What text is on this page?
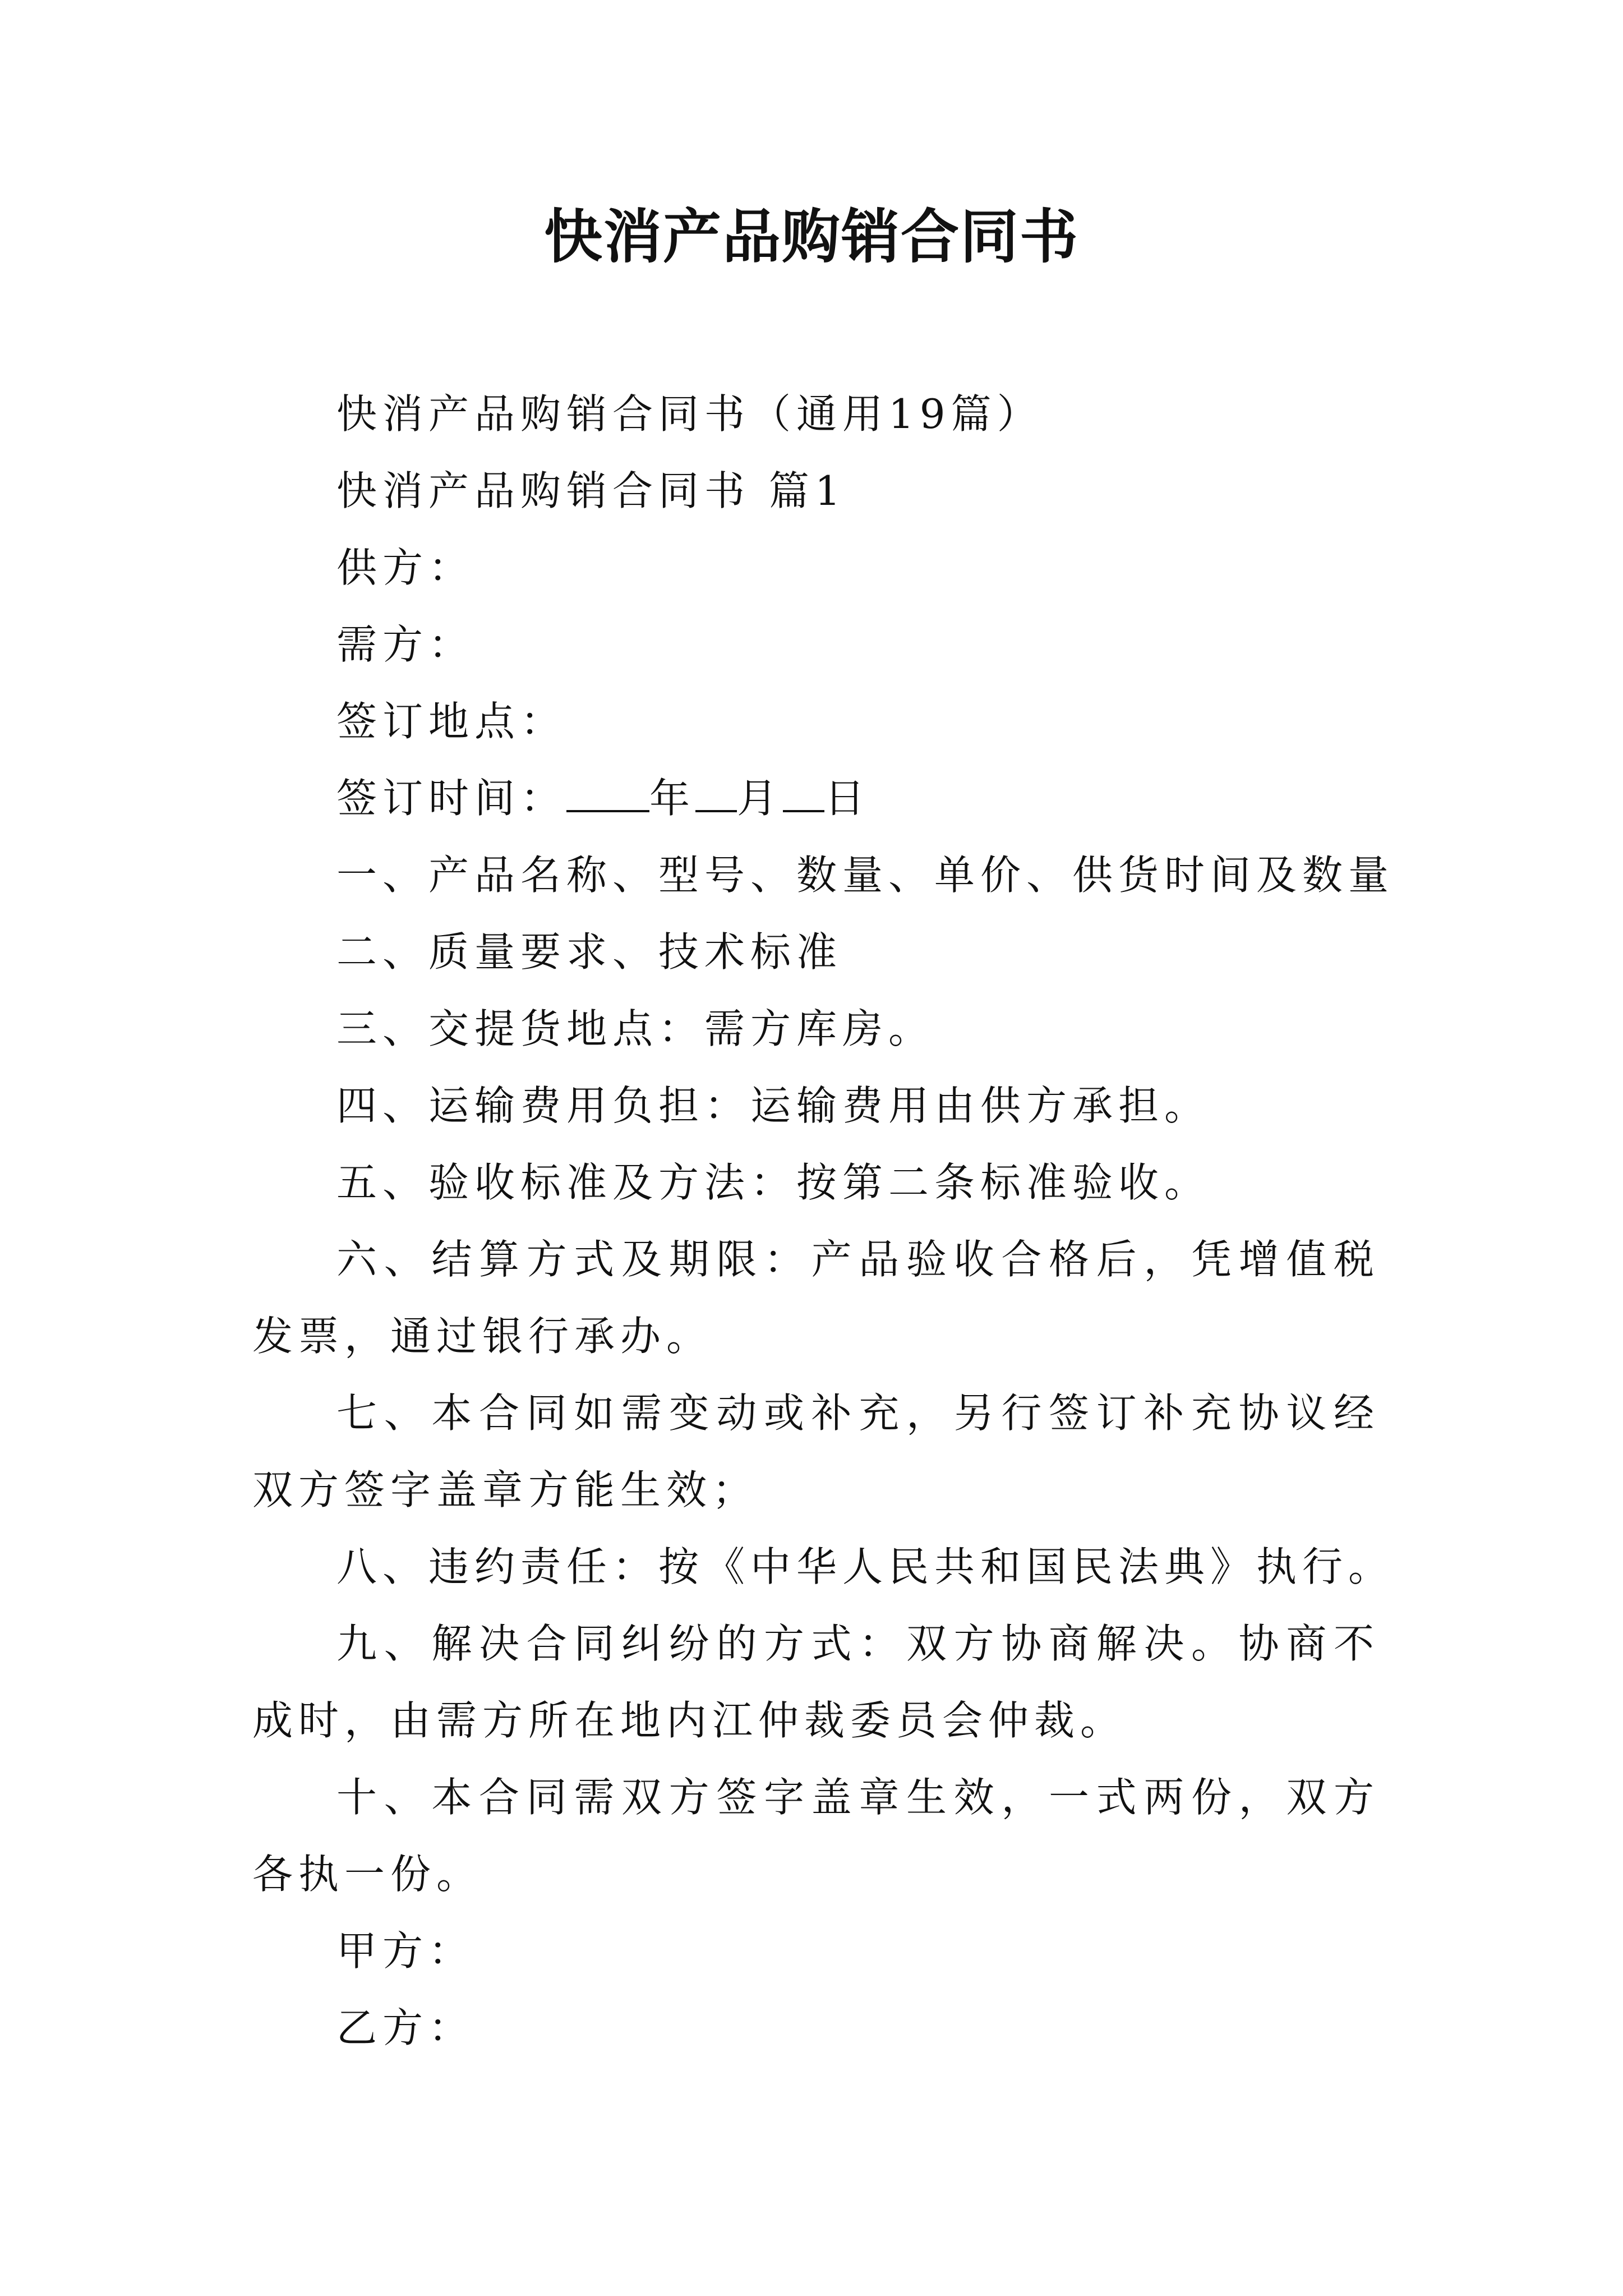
快消产品购销合同书

快消产品购销合同书（通用19篇）

快消产品购销合同书 篇1

供方：

需方：

签订地点：

签订时间： 年 月 日

一、产品名称、型号、数量、单价、供货时间及数量

二、质量要求、技术标准

三、交提货地点：需方库房。

四、运输费用负担：运输费用由供方承担。

五、验收标准及方法：按第二条标准验收。

六、结算方式及期限：产品验收合格后，凭增值税发票，通过银行承办。

七、本合同如需变动或补充，另行签订补充协议经双方签字盖章方能生效；

八、违约责任：按《中华人民共和国民法典》执行。

九、解决合同纠纷的方式：双方协商解决。协商不成时，由需方所在地内江仲裁委员会仲裁。

十、本合同需双方签字盖章生效，一式两份，双方各执一份。

甲方：

乙方：
